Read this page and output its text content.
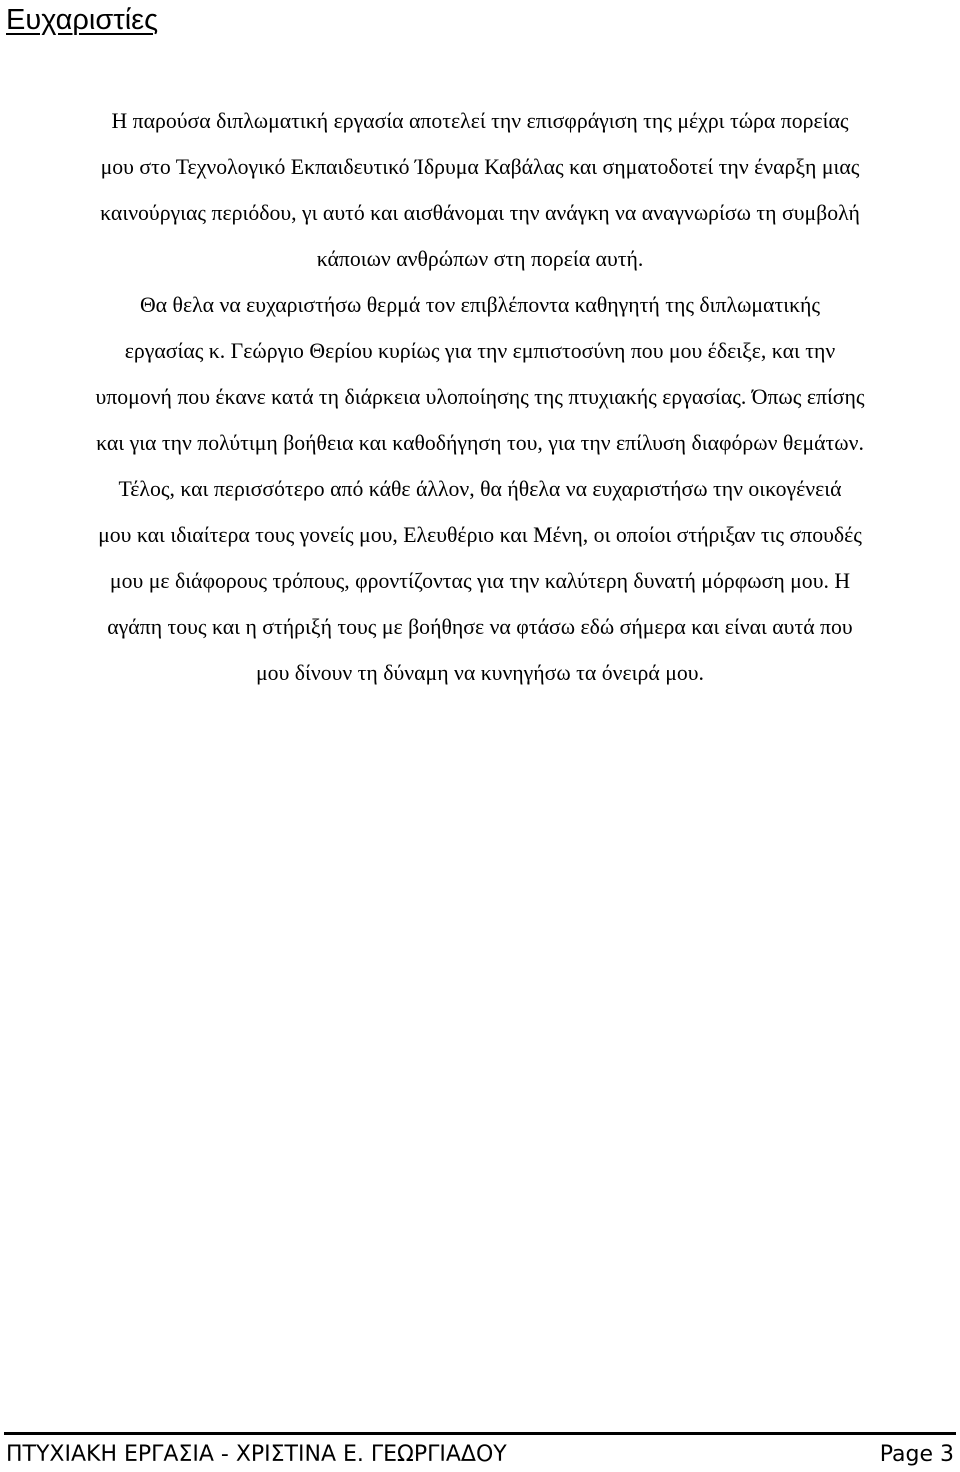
Ευχαριστίες
Η παρούσα διπλωματική εργασία αποτελεί την επισφράγιση της μέχρι τώρα πορείας
μου στο Τεχνολογικό Εκπαιδευτικό Ίδρυμα Καβάλας και σηματοδοτεί την έναρξη μιας
καινούργιας περιόδου, γι αυτό και αισθάνομαι την ανάγκη να αναγνωρίσω τη συμβολή
κάποιων ανθρώπων στη πορεία αυτή.
Θα θελα να ευχαριστήσω θερμά τον επιβλέποντα καθηγητή της διπλωματικής
εργασίας κ. Γεώργιο Θερίου κυρίως για την εμπιστοσύνη που μου έδειξε, και την
υπομονή που έκανε κατά τη διάρκεια υλοποίησης της πτυχιακής εργασίας. Όπως επίσης
και για την πολύτιμη βοήθεια και καθοδήγηση του, για την επίλυση διαφόρων θεμάτων.
Τέλος, και περισσότερο από κάθε άλλον, θα ήθελα να ευχαριστήσω την οικογένειά
μου και ιδιαίτερα τους γονείς μου, Ελευθέριο και Μένη, οι οποίοι στήριξαν τις σπουδές
μου με διάφορους τρόπους, φροντίζοντας για την καλύτερη δυνατή μόρφωση μου. Η
αγάπη τους και η στήριξή τους με βοήθησε να φτάσω εδώ σήμερα και είναι αυτά που
μου δίνουν τη δύναμη να κυνηγήσω τα όνειρά μου.
ΠΤΥΧΙΑΚΗ ΕΡΓΑΣΙΑ - ΧΡΙΣΤΙΝΑ Ε. ΓΕΩΡΓΙΑΔΟΥ	Page 3
